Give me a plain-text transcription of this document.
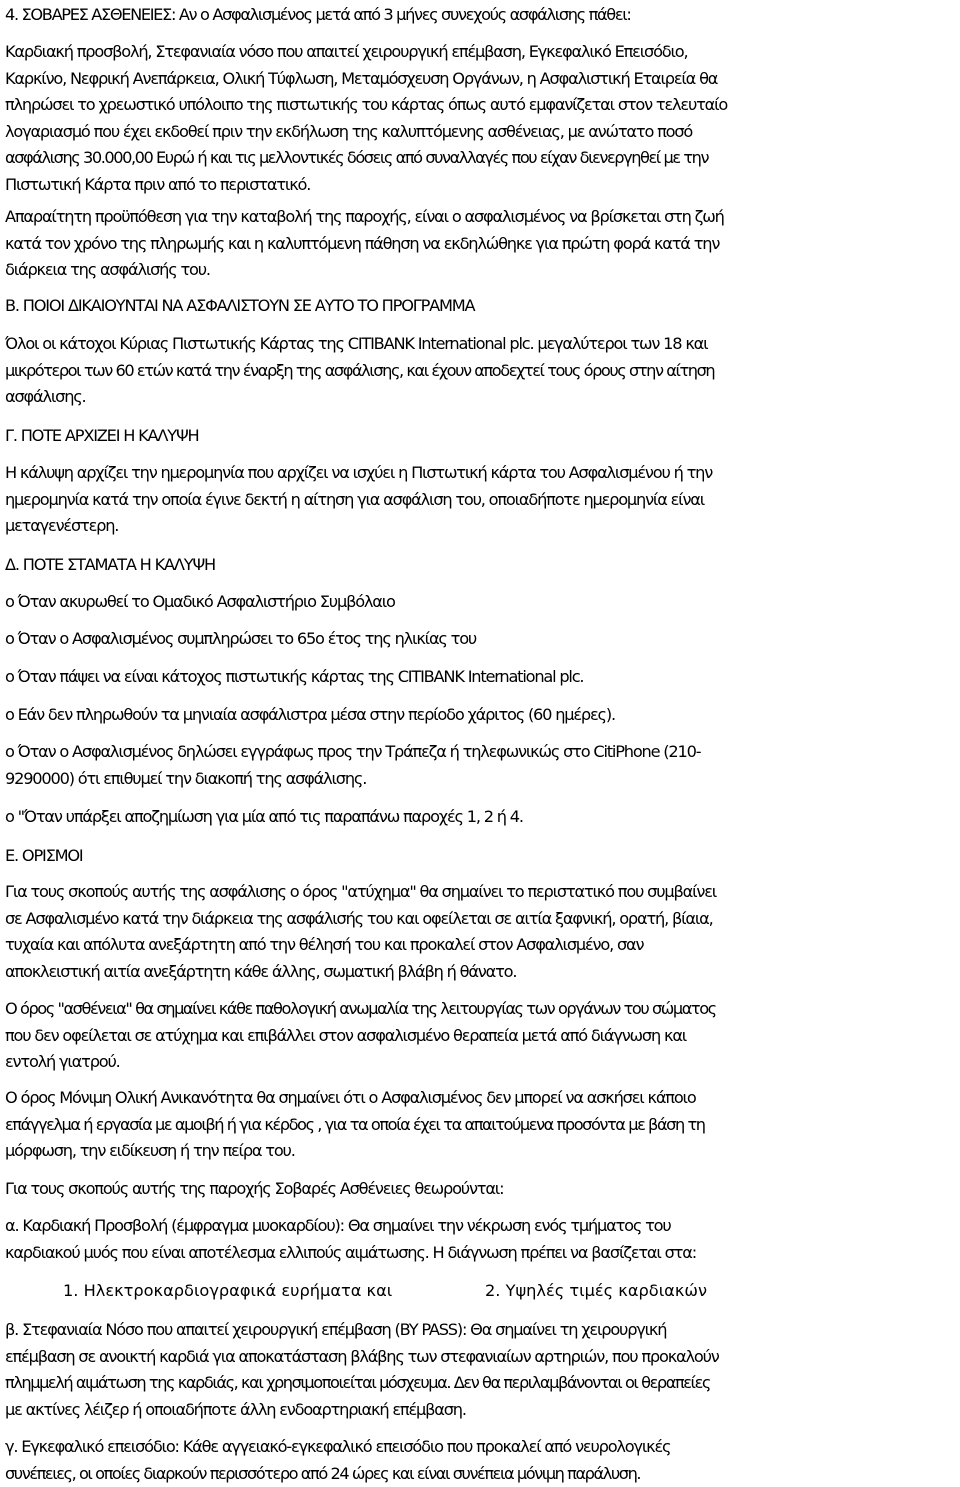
4. ΣΟΒΑΡΕΣ ΑΣΘΕΝΕΙΕΣ: Αν ο Ασφαλισμένος μετά από 3 μήνες συνεχούς ασφάλισης πάθει:

Καρδιακή προσβολή, Στεφανιαία νόσο που απαιτεί χειρουργική επέμβαση, Εγκεφαλικό Επεισόδιο,
Καρκίνο, Νεφρική Ανεπάρκεια, Ολική Τύφλωση, Μεταμόσχευση Οργάνων, η Ασφαλιστική Εταιρεία θα
πληρώσει το χρεωστικό υπόλοιπο της πιστωτικής του κάρτας όπως αυτό εμφανίζεται στον τελευταίο
λογαριασμό που έχει εκδοθεί πριν την εκδήλωση της καλυπτόμενης ασθένειας, με ανώτατο ποσό
ασφάλισης 30.000,00 Ευρώ ή και τις μελλοντικές δόσεις από συναλλαγές που είχαν διενεργηθεί με την
Πιστωτική Κάρτα πριν από το περιστατικό.
Απαραίτητη προϋπόθεση για την καταβολή της παροχής, είναι ο ασφαλισμένος να βρίσκεται στη ζωή
κατά τον χρόνο της πληρωμής και η καλυπτόμενη πάθηση να εκδηλώθηκε για πρώτη φορά κατά την
διάρκεια της ασφάλισής του.

Β. ΠΟΙΟΙ ΔΙΚΑΙΟΥΝΤΑΙ ΝΑ ΑΣΦΑΛΙΣΤΟΥΝ ΣΕ ΑΥΤΟ ΤΟ ΠΡΟΓΡΑΜΜΑ

Όλοι οι κάτοχοι Κύριας Πιστωτικής Κάρτας της CITIBANK International plc. μεγαλύτεροι των 18 και
μικρότεροι των 60 ετών κατά την έναρξη της ασφάλισης, και έχουν αποδεχτεί τους όρους στην αίτηση
ασφάλισης.

Γ. ΠΟΤΕ ΑΡΧΙΖΕΙ Η ΚΑΛΥΨΗ

Η κάλυψη αρχίζει την ημερομηνία που αρχίζει να ισχύει η Πιστωτική κάρτα του Ασφαλισμένου ή την
ημερομηνία κατά την οποία έγινε δεκτή η αίτηση για ασφάλιση του, οποιαδήποτε ημερομηνία είναι
μεταγενέστερη.

Δ. ΠΟΤΕ ΣΤΑΜΑΤΑ Η ΚΑΛΥΨΗ

o Όταν ακυρωθεί το Ομαδικό Ασφαλιστήριο Συμβόλαιο

o Όταν ο Ασφαλισμένος συμπληρώσει το 65ο έτος της ηλικίας του

o Όταν πάψει να είναι κάτοχος πιστωτικής κάρτας της CITIBANK International plc.

o Εάν δεν πληρωθούν τα μηνιαία ασφάλιστρα μέσα στην περίοδο χάριτος (60 ημέρες).

o Όταν ο Ασφαλισμένος δηλώσει εγγράφως προς την Τράπεζα ή τηλεφωνικώς στο CitiPhone (210-
9290000) ότι επιθυμεί την διακοπή της ασφάλισης.

o "Όταν υπάρξει αποζημίωση για μία από τις παραπάνω παροχές 1, 2 ή 4.

Ε. ΟΡΙΣΜΟΙ

Για τους σκοπούς αυτής της ασφάλισης ο όρος "ατύχημα" θα σημαίνει το περιστατικό που συμβαίνει
σε Ασφαλισμένο κατά την διάρκεια της ασφάλισής του και οφείλεται σε αιτία ξαφνική, ορατή, βίαια,
τυχαία και απόλυτα ανεξάρτητη από την θέλησή του και προκαλεί στον Ασφαλισμένο, σαν
αποκλειστική αιτία ανεξάρτητη κάθε άλλης, σωματική βλάβη ή θάνατο.
Ο όρος "ασθένεια" θα σημαίνει κάθε παθολογική ανωμαλία της λειτουργίας των οργάνων του σώματος
που δεν οφείλεται σε ατύχημα και επιβάλλει στον ασφαλισμένο θεραπεία μετά από διάγνωση και
εντολή γιατρού.
Ο όρος Μόνιμη Ολική Ανικανότητα θα σημαίνει ότι ο Ασφαλισμένος δεν μπορεί να ασκήσει κάποιο
επάγγελμα ή εργασία με αμοιβή ή για κέρδος , για τα οποία έχει τα απαιτούμενα προσόντα με βάση τη
μόρφωση, την ειδίκευση ή την πείρα του.

Για τους σκοπούς αυτής της παροχής Σοβαρές Ασθένειες θεωρούνται:

α. Καρδιακή Προσβολή (έμφραγμα μυοκαρδίου): Θα σημαίνει την νέκρωση ενός τμήματος του
καρδιακού μυός που είναι αποτέλεσμα ελλιπούς αιμάτωσης. Η διάγνωση πρέπει να βασίζεται στα:
1. Ηλεκτροκαρδιογραφικά ευρήματα και	2. Υψηλές τιμές καρδιακών
β. Στεφανιαία Νόσο που απαιτεί χειρουργική επέμβαση (BY PASS): Θα σημαίνει τη χειρουργική
επέμβαση σε ανοικτή καρδιά για αποκατάσταση βλάβης των στεφανιαίων αρτηριών, που προκαλούν
πλημμελή αιμάτωση της καρδιάς, και χρησιμοποιείται μόσχευμα. Δεν θα περιλαμβάνονται οι θεραπείες
με ακτίνες λέιζερ ή οποιαδήποτε άλλη ενδοαρτηριακή επέμβαση.
γ. Εγκεφαλικό επεισόδιο: Κάθε αγγειακό-εγκεφαλικό επεισόδιο που προκαλεί από νευρολογικές
συνέπειες, οι οποίες διαρκούν περισσότερο από 24 ώρες και είναι συνέπεια μόνιμη παράλυση.
